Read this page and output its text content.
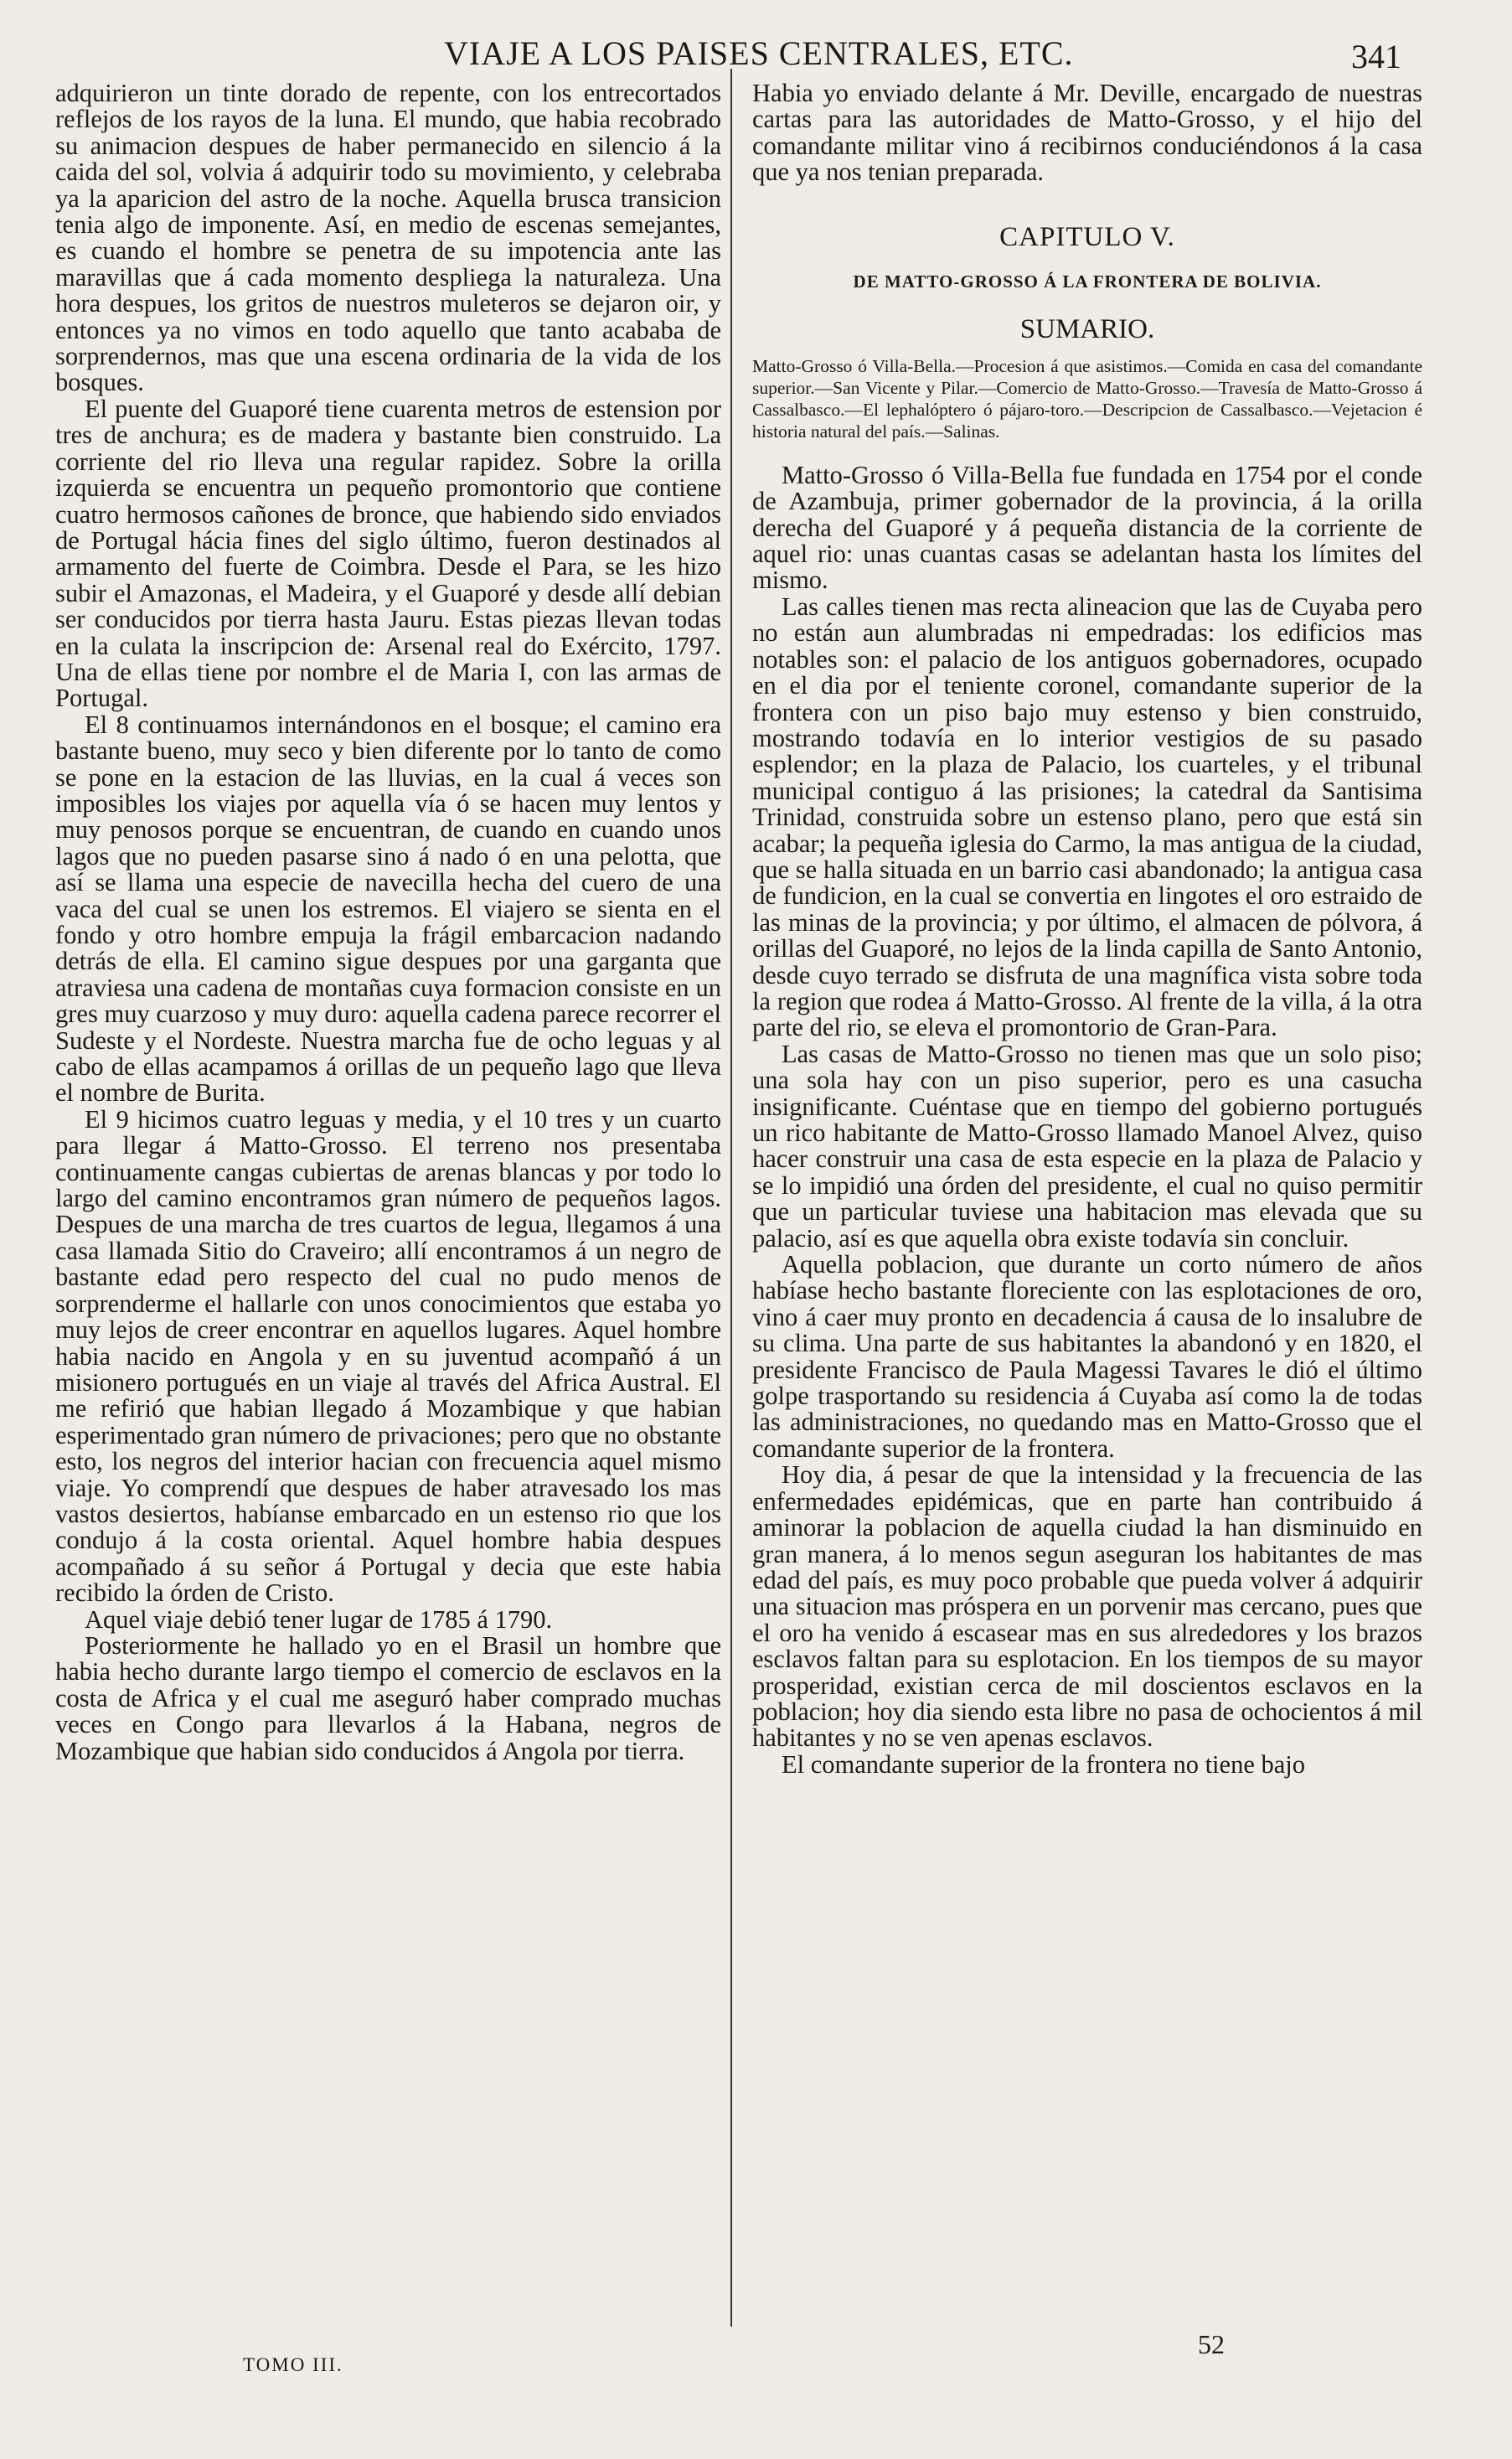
VIAJE A LOS PAISES CENTRALES, ETC.	341

adquirieron un tinte dorado de repente, con los entrecortados reflejos de los rayos de la luna. El mundo, que habia recobrado su animacion despues de haber permanecido en silencio á la caida del sol, volvia á adquirir todo su movimiento, y celebraba ya la aparicion del astro de la noche. Aquella brusca transicion tenia algo de imponente. Así, en medio de escenas semejantes, es cuando el hombre se penetra de su impotencia ante las maravillas que á cada momento despliega la naturaleza. Una hora despues, los gritos de nuestros muleteros se dejaron oir, y entonces ya no vimos en todo aquello que tanto acababa de sorprendernos, mas que una escena ordinaria de la vida de los bosques.

El puente del Guaporé tiene cuarenta metros de estension por tres de anchura; es de madera y bastante bien construido. La corriente del rio lleva una regular rapidez. Sobre la orilla izquierda se encuentra un pequeño promontorio que contiene cuatro hermosos cañones de bronce, que habiendo sido enviados de Portugal hácia fines del siglo último, fueron destinados al armamento del fuerte de Coimbra. Desde el Para, se les hizo subir el Amazonas, el Madeira, y el Guaporé y desde allí debian ser conducidos por tierra hasta Jauru. Estas piezas llevan todas en la culata la inscripcion de: Arsenal real do Exército, 1797. Una de ellas tiene por nombre el de Maria I, con las armas de Portugal.

El 8 continuamos internándonos en el bosque; el camino era bastante bueno, muy seco y bien diferente por lo tanto de como se pone en la estacion de las lluvias, en la cual á veces son imposibles los viajes por aquella vía ó se hacen muy lentos y muy penosos porque se encuentran, de cuando en cuando unos lagos que no pueden pasarse sino á nado ó en una pelotta, que así se llama una especie de navecilla hecha del cuero de una vaca del cual se unen los estremos. El viajero se sienta en el fondo y otro hombre empuja la frágil embarcacion nadando detrás de ella. El camino sigue despues por una garganta que atraviesa una cadena de montañas cuya formacion consiste en un gres muy cuarzoso y muy duro: aquella cadena parece recorrer el Sudeste y el Nordeste. Nuestra marcha fue de ocho leguas y al cabo de ellas acampamos á orillas de un pequeño lago que lleva el nombre de Burita.

El 9 hicimos cuatro leguas y media, y el 10 tres y un cuarto para llegar á Matto-Grosso. El terreno nos presentaba continuamente cangas cubiertas de arenas blancas y por todo lo largo del camino encontramos gran número de pequeños lagos. Despues de una marcha de tres cuartos de legua, llegamos á una casa llamada Sitio do Craveiro; allí encontramos á un negro de bastante edad pero respecto del cual no pudo menos de sorprenderme el hallarle con unos conocimientos que estaba yo muy lejos de creer encontrar en aquellos lugares. Aquel hombre habia nacido en Angola y en su juventud acompañó á un misionero portugués en un viaje al través del Africa Austral. El me refirió que habian llegado á Mozambique y que habian esperimentado gran número de privaciones; pero que no obstante esto, los negros del interior hacian con frecuencia aquel mismo viaje. Yo comprendí que despues de haber atravesado los mas vastos desiertos, habíanse embarcado en un estenso rio que los condujo á la costa oriental. Aquel hombre habia despues acompañado á su señor á Portugal y decia que este habia recibido la órden de Cristo.

Aquel viaje debió tener lugar de 1785 á 1790.

Posteriormente he hallado yo en el Brasil un hombre que habia hecho durante largo tiempo el comercio de esclavos en la costa de Africa y el cual me aseguró haber comprado muchas veces en Congo para llevarlos á la Habana, negros de Mozambique que habian sido conducidos á Angola por tierra.

Habia yo enviado delante á Mr. Deville, encargado de nuestras cartas para las autoridades de Matto-Grosso, y el hijo del comandante militar vino á recibirnos conduciéndonos á la casa que ya nos tenian preparada.

CAPITULO V.
DE MATTO-GROSSO Á LA FRONTERA DE BOLIVIA.
SUMARIO.
Matto-Grosso ó Villa-Bella.—Procesion á que asistimos.—Comida en casa del comandante superior.—San Vicente y Pilar.—Comercio de Matto-Grosso.—Travesía de Matto-Grosso á Cassalbasco.—El lephalóptero ó pájaro-toro.—Descripcion de Cassalbasco.—Vejetacion é historia natural del país.—Salinas.

Matto-Grosso ó Villa-Bella fue fundada en 1754 por el conde de Azambuja, primer gobernador de la provincia, á la orilla derecha del Guaporé y á pequeña distancia de la corriente de aquel rio: unas cuantas casas se adelantan hasta los límites del mismo.

Las calles tienen mas recta alineacion que las de Cuyaba pero no están aun alumbradas ni empedradas: los edificios mas notables son: el palacio de los antiguos gobernadores, ocupado en el dia por el teniente coronel, comandante superior de la frontera con un piso bajo muy estenso y bien construido, mostrando todavía en lo interior vestigios de su pasado esplendor; en la plaza de Palacio, los cuarteles, y el tribunal municipal contiguo á las prisiones; la catedral da Santisima Trinidad, construida sobre un estenso plano, pero que está sin acabar; la pequeña iglesia do Carmo, la mas antigua de la ciudad, que se halla situada en un barrio casi abandonado; la antigua casa de fundicion, en la cual se convertia en lingotes el oro estraido de las minas de la provincia; y por último, el almacen de pólvora, á orillas del Guaporé, no lejos de la linda capilla de Santo Antonio, desde cuyo terrado se disfruta de una magnífica vista sobre toda la region que rodea á Matto-Grosso. Al frente de la villa, á la otra parte del rio, se eleva el promontorio de Gran-Para.

Las casas de Matto-Grosso no tienen mas que un solo piso; una sola hay con un piso superior, pero es una casucha insignificante. Cuéntase que en tiempo del gobierno portugués un rico habitante de Matto-Grosso llamado Manoel Alvez, quiso hacer construir una casa de esta especie en la plaza de Palacio y se lo impidió una órden del presidente, el cual no quiso permitir que un particular tuviese una habitacion mas elevada que su palacio, así es que aquella obra existe todavía sin concluir.

Aquella poblacion, que durante un corto número de años habíase hecho bastante floreciente con las esplotaciones de oro, vino á caer muy pronto en decadencia á causa de lo insalubre de su clima. Una parte de sus habitantes la abandonó y en 1820, el presidente Francisco de Paula Magessi Tavares le dió el último golpe trasportando su residencia á Cuyaba así como la de todas las administraciones, no quedando mas en Matto-Grosso que el comandante superior de la frontera.

Hoy dia, á pesar de que la intensidad y la frecuencia de las enfermedades epidémicas, que en parte han contribuido á aminorar la poblacion de aquella ciudad la han disminuido en gran manera, á lo menos segun aseguran los habitantes de mas edad del país, es muy poco probable que pueda volver á adquirir una situacion mas próspera en un porvenir mas cercano, pues que el oro ha venido á escasear mas en sus alrededores y los brazos esclavos faltan para su esplotacion. En los tiempos de su mayor prosperidad, existian cerca de mil doscientos esclavos en la poblacion; hoy dia siendo esta libre no pasa de ochocientos á mil habitantes y no se ven apenas esclavos.

El comandante superior de la frontera no tiene bajo

TOMO III.
52
